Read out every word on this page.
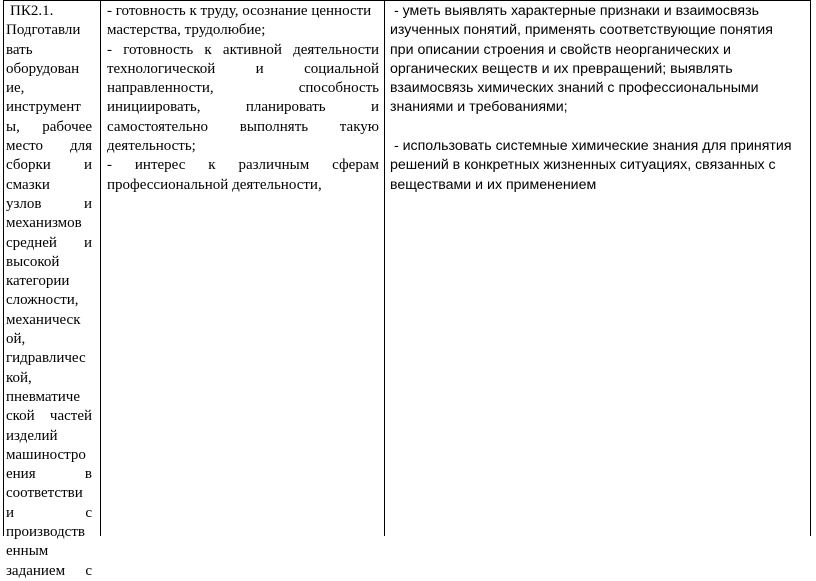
ПК2.1.
Подготавли
вать
оборудован
ие,
инструмент
ы, рабочее
место для
сборки и
смазки
узлов и
механизмов
средней и
высокой
категории
сложности,
механическ
ой,
гидравличес
кой,
пневматиче
ской частей
изделий
машиностро
ения в
соответстви
и с
производств
енным
заданием с
- готовность к труду, осознание ценности
мастерства, трудолюбие;
- готовность к активной деятельности
технологической и социальной
направленности, способность
инициировать, планировать и
самостоятельно выполнять такую
деятельность;
- интерес к различным сферам
профессиональной деятельности,
- уметь выявлять характерные признаки и взаимосвязь
изученных понятий, применять соответствующие понятия
при описании строения и свойств неорганических и
органических веществ и их превращений; выявлять
взаимосвязь химических знаний с профессиональными
знаниями и требованиями;
- использовать системные химические знания для принятия
решений в конкретных жизненных ситуациях, связанных с
веществами и их применением
